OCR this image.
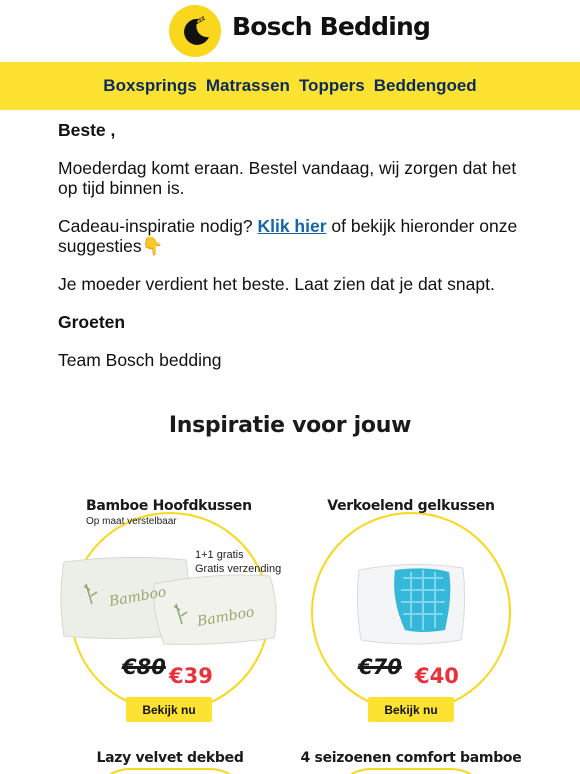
zzz Bosch Bedding
Boxsprings Matrassen Toppers Beddengoed

Beste ,

Moederdag komt eraan. Bestel vandaag, wij zorgen dat het op tijd binnen is.

Cadeau-inspiratie nodig? Klik hier of bekijk hieronder onze suggesties👇

Je moeder verdient het beste. Laat zien dat je dat snapt.

Groeten

Team Bosch bedding

Inspiratie voor jouw
Bamboe Hoofdkussen
Op maat verstelbaar
1+1 gratis
Gratis verzending
Bamboo
Bamboo
€80 €39
Bekijk nu
Verkoelend gelkussen
€70 €40
Bekijk nu
Lazy velvet dekbed	4 seizoenen comfort bamboe
